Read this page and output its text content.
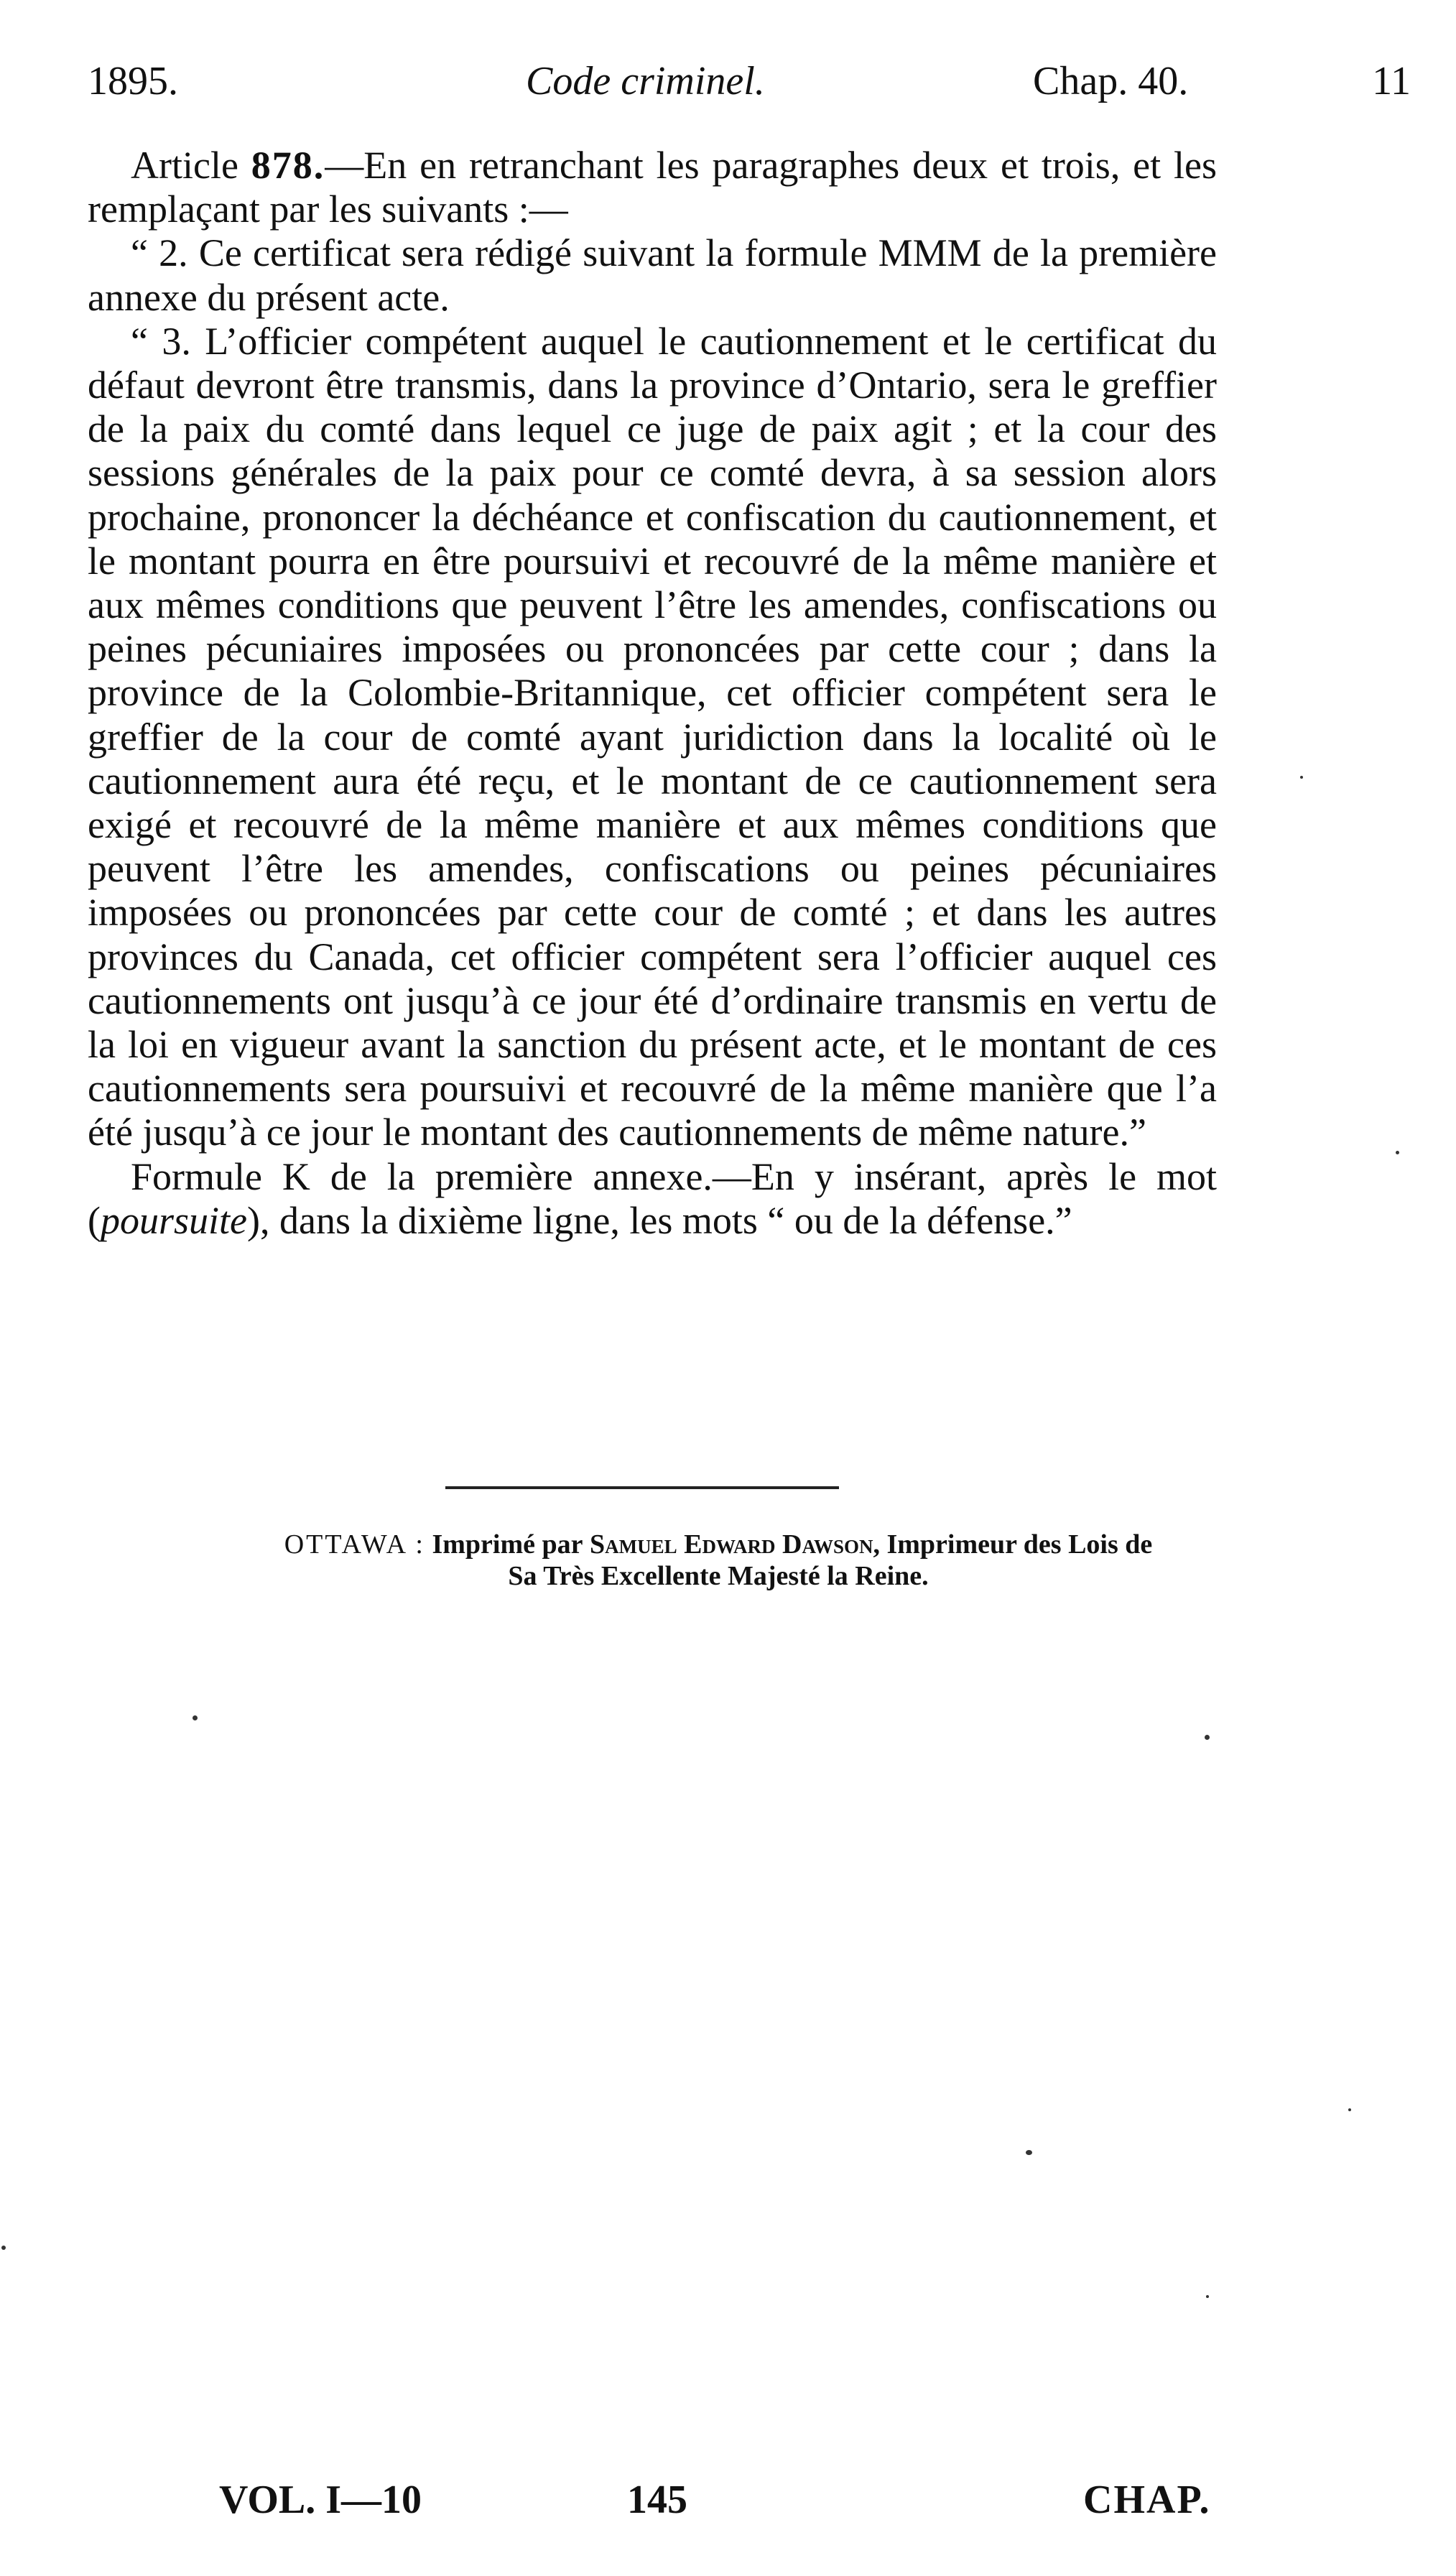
1895.	Code criminel.	Chap. 40.	11

Article 878.—En en retranchant les paragraphes deux et trois, et les remplaçant par les suivants :—

“ 2. Ce certificat sera rédigé suivant la formule MMM de la première annexe du présent acte.

“ 3. L’officier compétent auquel le cautionnement et le certificat du défaut devront être transmis, dans la province d’Ontario, sera le greffier de la paix du comté dans lequel ce juge de paix agit ; et la cour des sessions générales de la paix pour ce comté devra, à sa session alors prochaine, prononcer la déchéance et confiscation du cautionnement, et le montant pourra en être poursuivi et recouvré de la même manière et aux mêmes conditions que peuvent l’être les amendes, confiscations ou peines pécuniaires imposées ou prononcées par cette cour ; dans la province de la Colombie-Britannique, cet officier compétent sera le greffier de la cour de comté ayant juridiction dans la localité où le cautionnement aura été reçu, et le montant de ce cautionnement sera exigé et recouvré de la même manière et aux mêmes conditions que peuvent l’être les amendes, confiscations ou peines pécuniaires imposées ou prononcées par cette cour de comté ; et dans les autres provinces du Canada, cet officier compétent sera l’officier auquel ces cautionnements ont jusqu’à ce jour été d’ordinaire transmis en vertu de la loi en vigueur avant la sanction du présent acte, et le montant de ces cautionnements sera poursuivi et recouvré de la même manière que l’a été jusqu’à ce jour le montant des cautionnements de même nature.”

Formule K de la première annexe.—En y insérant, après le mot (poursuite), dans la dixième ligne, les mots “ ou de la défense.”

OTTAWA : Imprimé par Samuel Edward Dawson, Imprimeur des Lois de
Sa Très Excellente Majesté la Reine.
VOL. I—10	145	CHAP.
